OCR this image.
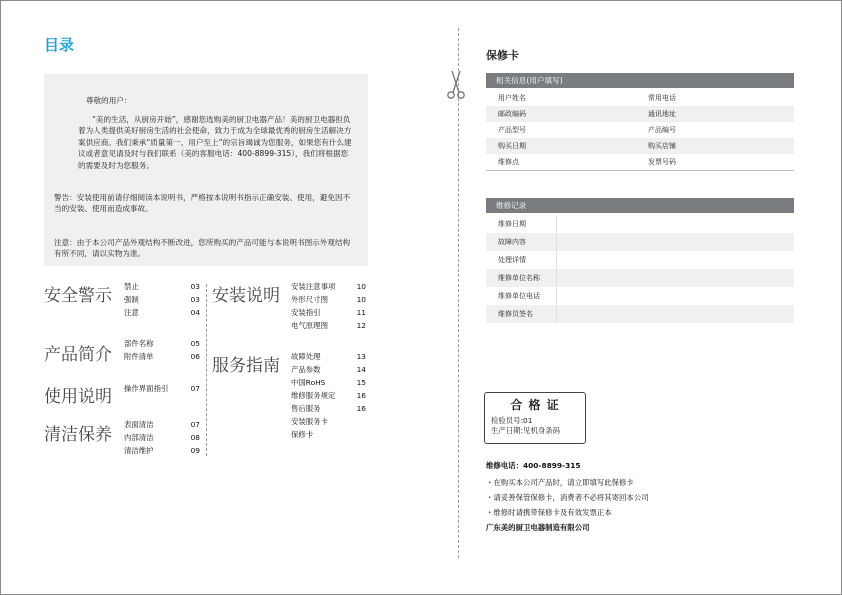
目录

尊敬的用户：

“美的生活，从厨房开始”，感谢您选购美的厨卫电器产品！美的厨卫电器担负着为人类提供美好厨房生活的社会使命，致力于成为全球最优秀的厨房生活解决方案供应商。我们秉承“质量第一、用户至上”的宗旨竭诚为您服务，如果您有什么建议或者意见请及时与我们联系（美的客服电话：400-8899-315），我们将根据您的需要及时为您服务。

警告：安装使用前请仔细阅读本说明书，严格按本说明书指示正确安装、使用，避免因不当的安装、使用而造成事故。

注意：由于本公司产品外观结构不断改进，您所购买的产品可能与本说明书图示外观结构有所不同，请以实物为准。

安全警示 禁止	03
强制	03
注意	04
产品简介
部件名称	05
附件清单	06
使用说明 操作界面指引	07
清洁保养
表面清洁	07
内部清洁	08
清洁维护	09
安装说明 安装注意事项	10
外形尺寸图	10
安装指引	11
电气原理图	12
服务指南 故障处理	13
产品参数	14
中国RoHS	15
维修服务规定	16
售后服务	16
安装服务卡
保修卡
保修卡
相关信息(用户填写)
用户姓名	常用电话
邮政编码	通讯地址
产品型号	产品编号
购买日期	购买店铺
维修点	发票号码
维修记录
维修日期
故障内容
处理详情
维修单位名称
维修单位电话
维修员签名
合 格 证
检验员号:01
生产日期:见机身条码
维修电话：400-8899-315
・在购买本公司产品时，请立即填写此保修卡
・请妥善保管保修卡，消费者不必将其寄回本公司
・维修时请携带保修卡及有效发票正本
广东美的厨卫电器制造有限公司
